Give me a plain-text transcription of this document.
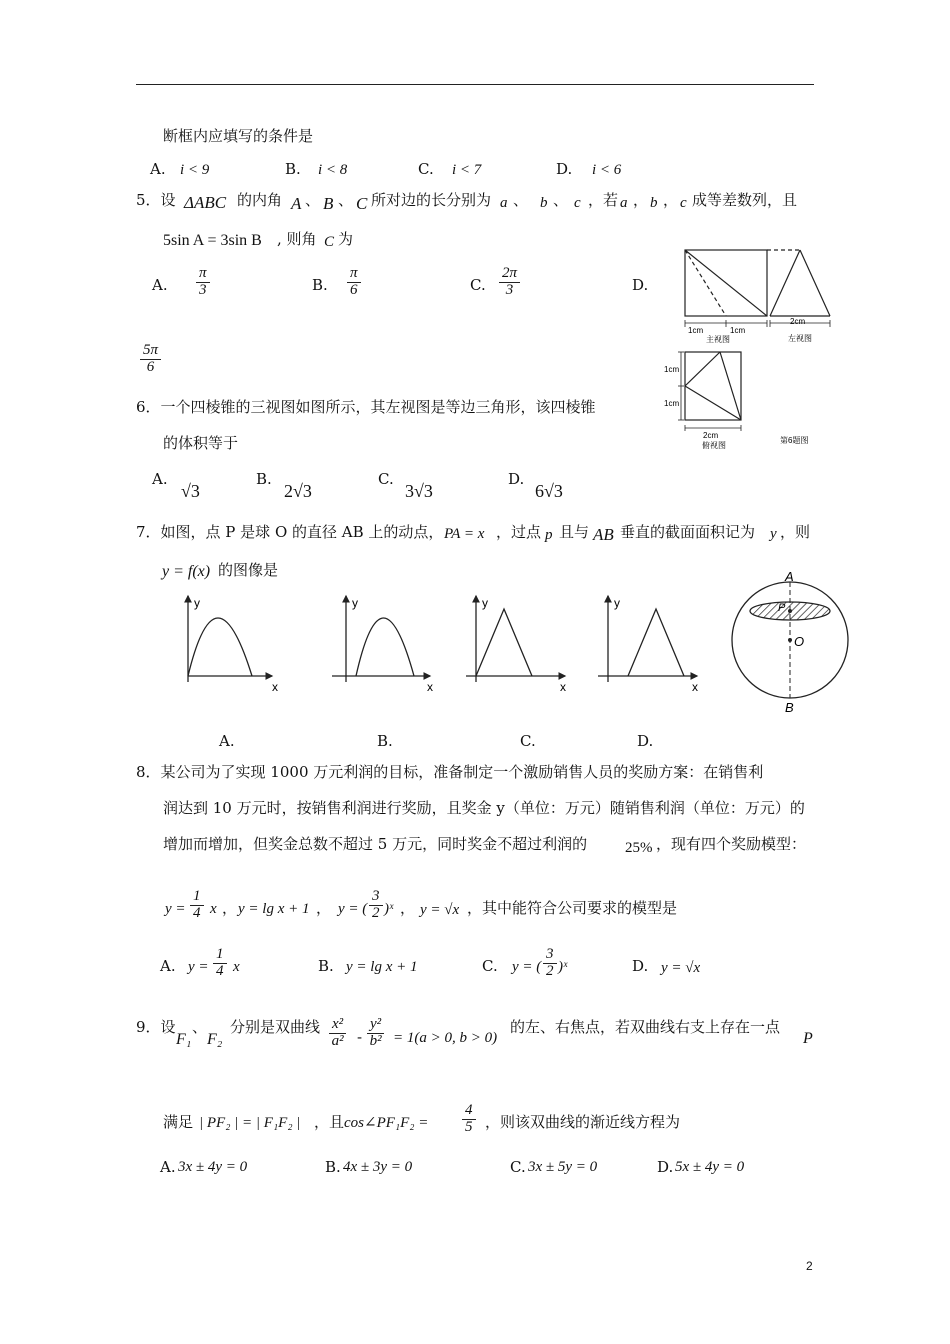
断框内应填写的条件是
A. i < 9	B. i < 8	C. i < 7	D. i < 6
5．设 ΔABC 的内角 A 、 B 、 C 所对边的长分别为 a 、 b 、 c ，若 a ， b ， c 成等差数列，且
5sin A = 3sin B , 则角 C 为
A. $\frac{\pi}{3}$	B. $\frac{\pi}{6}$	C. $\frac{2\pi}{3}$	D.
$\frac{5\pi}{6}$
1cm	1cm
2cm
主视图	左视图
1cm
1cm
2cm
俯视图
第6题图
6．一个四棱锥的三视图如图所示，其左视图是等边三角形，该四棱锥
的体积等于
A.
√3
B.
2√3
C.
3√3
D.
6√3
7．如图，点 P 是球 O 的直径 AB 上的动点， PA = x ，过点 p 且与 AB 垂直的截面面积记为 y ，则
y = f(x) 的图像是
y
x
y
x
y
x
y
x
A
P
O
B
A.	B.	C.	D.
8．某公司为了实现 1000 万元利润的目标，准备制定一个激励销售人员的奖励方案：在销售利
润达到 10 万元时，按销售利润进行奖励，且奖金 y（单位：万元）随销售利润（单位：万元）的
增加而增加，但奖金总数不超过 5 万元，同时奖金不超过利润的	25% ，现有四个奖励模型：
$y = \frac{1}{4}$ x ， y = lg x + 1 ， y = ( $\frac{3}{2}$ )ˣ ， y = √x ，其中能符合公司要求的模型是
A. $y = \frac{1}{4}$ x	B. y = lg x + 1	C. y = ( $\frac{3}{2}$ )ˣ	D. y = √x
9．设
F₁
、
F₂
分别是双曲线 $\frac{\text{x²}}{\text{a²}} - \frac{\text{y²}}{\text{b²}} = 1(a > 0$, b > 0)
的左、右焦点，若双曲线右支上存在一点
P
满足 | PF₂ | = | F₁F₂ | ，且 cos∠PF₁F₂ = $\frac{4}{5}$ ，则该双曲线的渐近线方程为
A. 3x ± 4y = 0	B. 4x ± 3y = 0	C. 3x ± 5y = 0	D. 5x ± 4y = 0
2
